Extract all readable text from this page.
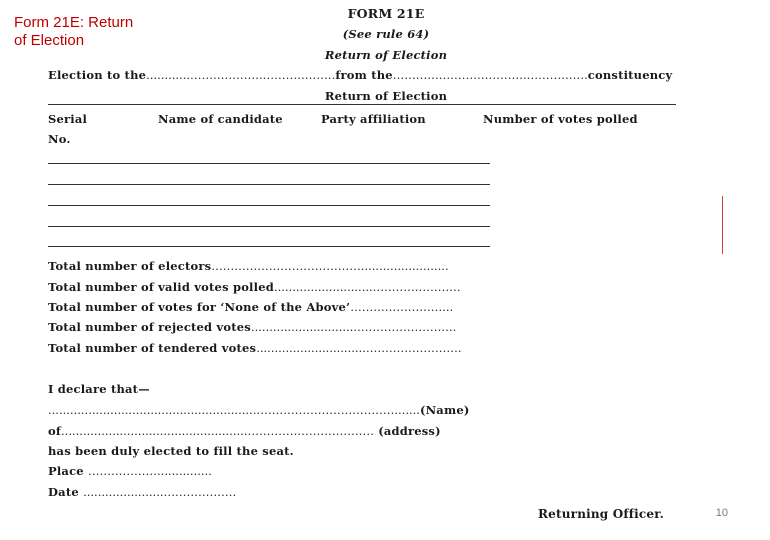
Form 21E: Return
of Election
FORM 21E
(See rule 64)
Return of Election
Election to the............……………….……………….from the…………….……………….…………….constituency
Return of Election
Serial	Name of candidate	Party affiliation	Number of votes polled
No.
Total number of electors…………………………………........................
Total number of valid votes polled............................………………….
Total number of votes for ‘None of the Above’……………………...
Total number of rejected votes.............................……………………..
Total number of tendered votes..............................…………………….
I declare that—
.........................................................……………………………….......(Name)
of...................................................…………………………… (address)
has been duly elected to fill the seat.
Place ………………...............
Date ......................……………….
Returning Officer.	10
